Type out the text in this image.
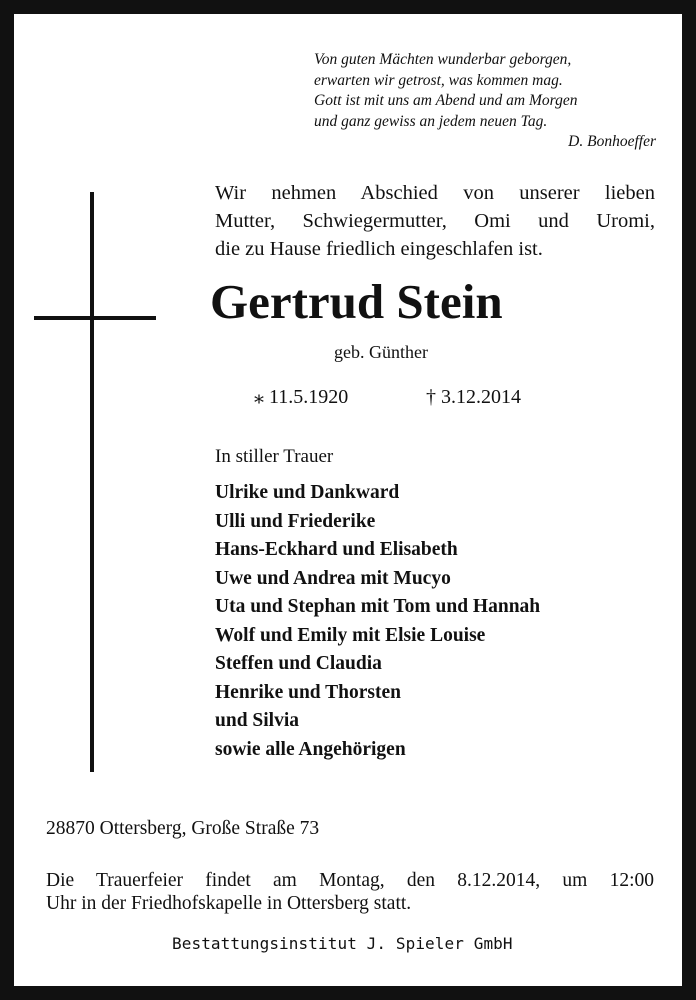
Von guten Mächten wunderbar geborgen,
erwarten wir getrost, was kommen mag.
Gott ist mit uns am Abend und am Morgen
und ganz gewiss an jedem neuen Tag.
D. Bonhoeffer
Wir nehmen Abschied von unserer lieben
Mutter, Schwiegermutter, Omi und Uromi,
die zu Hause friedlich eingeschlafen ist.
Gertrud Stein
geb. Günther
⁎ 11.5.1920	† 3.12.2014
In stiller Trauer
Ulrike und Dankward
Ulli und Friederike
Hans-Eckhard und Elisabeth
Uwe und Andrea mit Mucyo
Uta und Stephan mit Tom und Hannah
Wolf und Emily mit Elsie Louise
Steffen und Claudia
Henrike und Thorsten
und Silvia
sowie alle Angehörigen
28870 Ottersberg, Große Straße 73
Die Trauerfeier findet am Montag, den 8.12.2014, um 12:00
Uhr in der Friedhofskapelle in Ottersberg statt.
Bestattungsinstitut J. Spieler GmbH
